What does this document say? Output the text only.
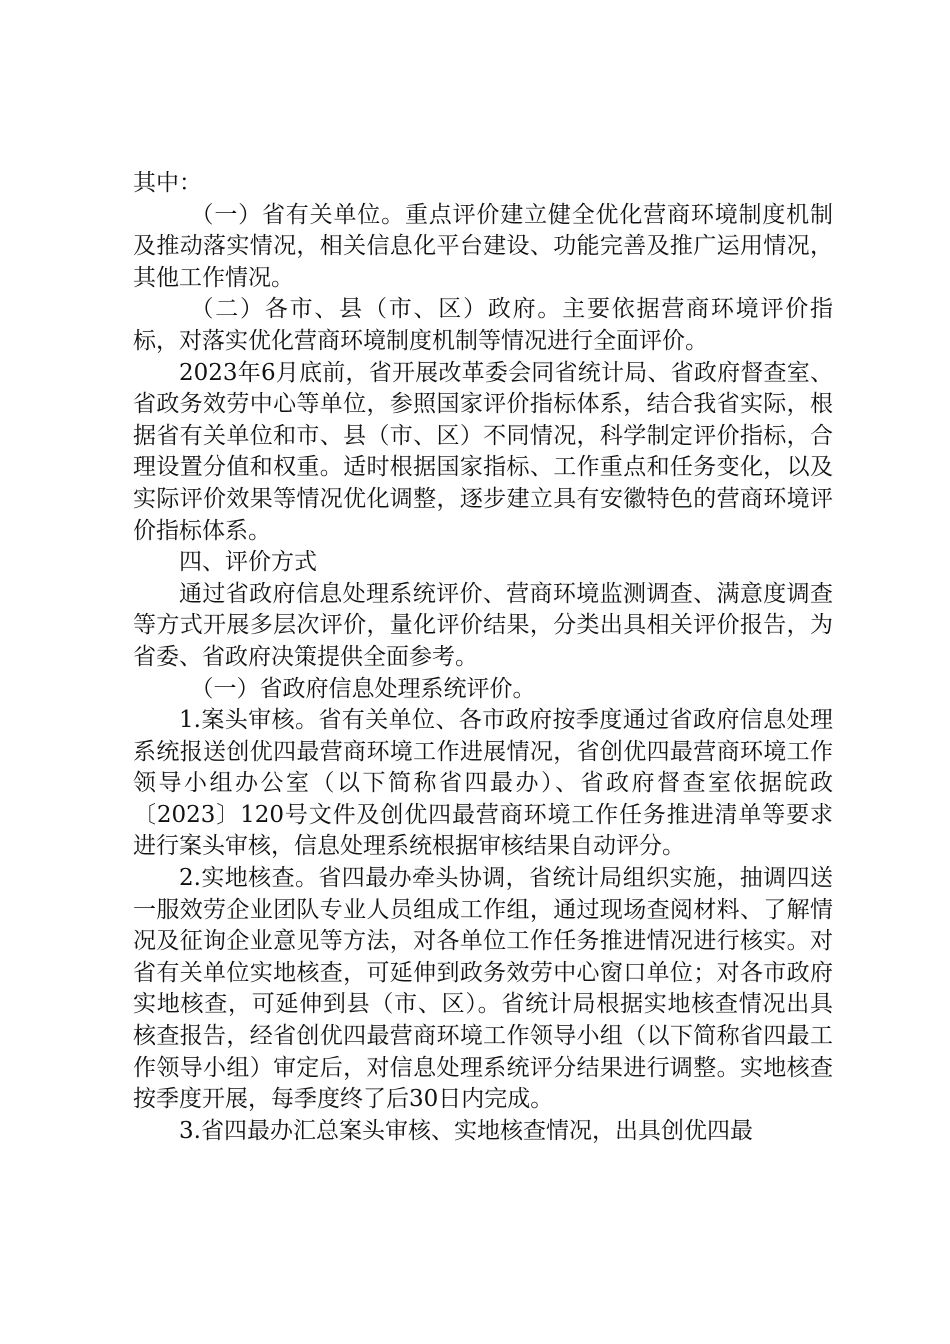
其中：

（一）省有关单位。重点评价建立健全优化营商环境制度机制及推动落实情况，相关信息化平台建设、功能完善及推广运用情况，其他工作情况。

（二）各市、县（市、区）政府。主要依据营商环境评价指标，对落实优化营商环境制度机制等情况进行全面评价。

2023年6月底前，省开展改革委会同省统计局、省政府督查室、省政务效劳中心等单位，参照国家评价指标体系，结合我省实际，根据省有关单位和市、县（市、区）不同情况，科学制定评价指标，合理设置分值和权重。适时根据国家指标、工作重点和任务变化，以及实际评价效果等情况优化调整，逐步建立具有安徽特色的营商环境评价指标体系。

四、评价方式

通过省政府信息处理系统评价、营商环境监测调查、满意度调查等方式开展多层次评价，量化评价结果，分类出具相关评价报告，为省委、省政府决策提供全面参考。

（一）省政府信息处理系统评价。

1.案头审核。省有关单位、各市政府按季度通过省政府信息处理系统报送创优四最营商环境工作进展情况，省创优四最营商环境工作领导小组办公室（以下简称省四最办）、省政府督查室依据皖政〔2023〕120号文件及创优四最营商环境工作任务推进清单等要求进行案头审核，信息处理系统根据审核结果自动评分。

2.实地核查。省四最办牵头协调，省统计局组织实施，抽调四送一服效劳企业团队专业人员组成工作组，通过现场查阅材料、了解情况及征询企业意见等方法，对各单位工作任务推进情况进行核实。对省有关单位实地核查，可延伸到政务效劳中心窗口单位；对各市政府实地核查，可延伸到县（市、区）。省统计局根据实地核查情况出具核查报告，经省创优四最营商环境工作领导小组（以下简称省四最工作领导小组）审定后，对信息处理系统评分结果进行调整。实地核查按季度开展，每季度终了后30日内完成。

3.省四最办汇总案头审核、实地核查情况，出具创优四最
